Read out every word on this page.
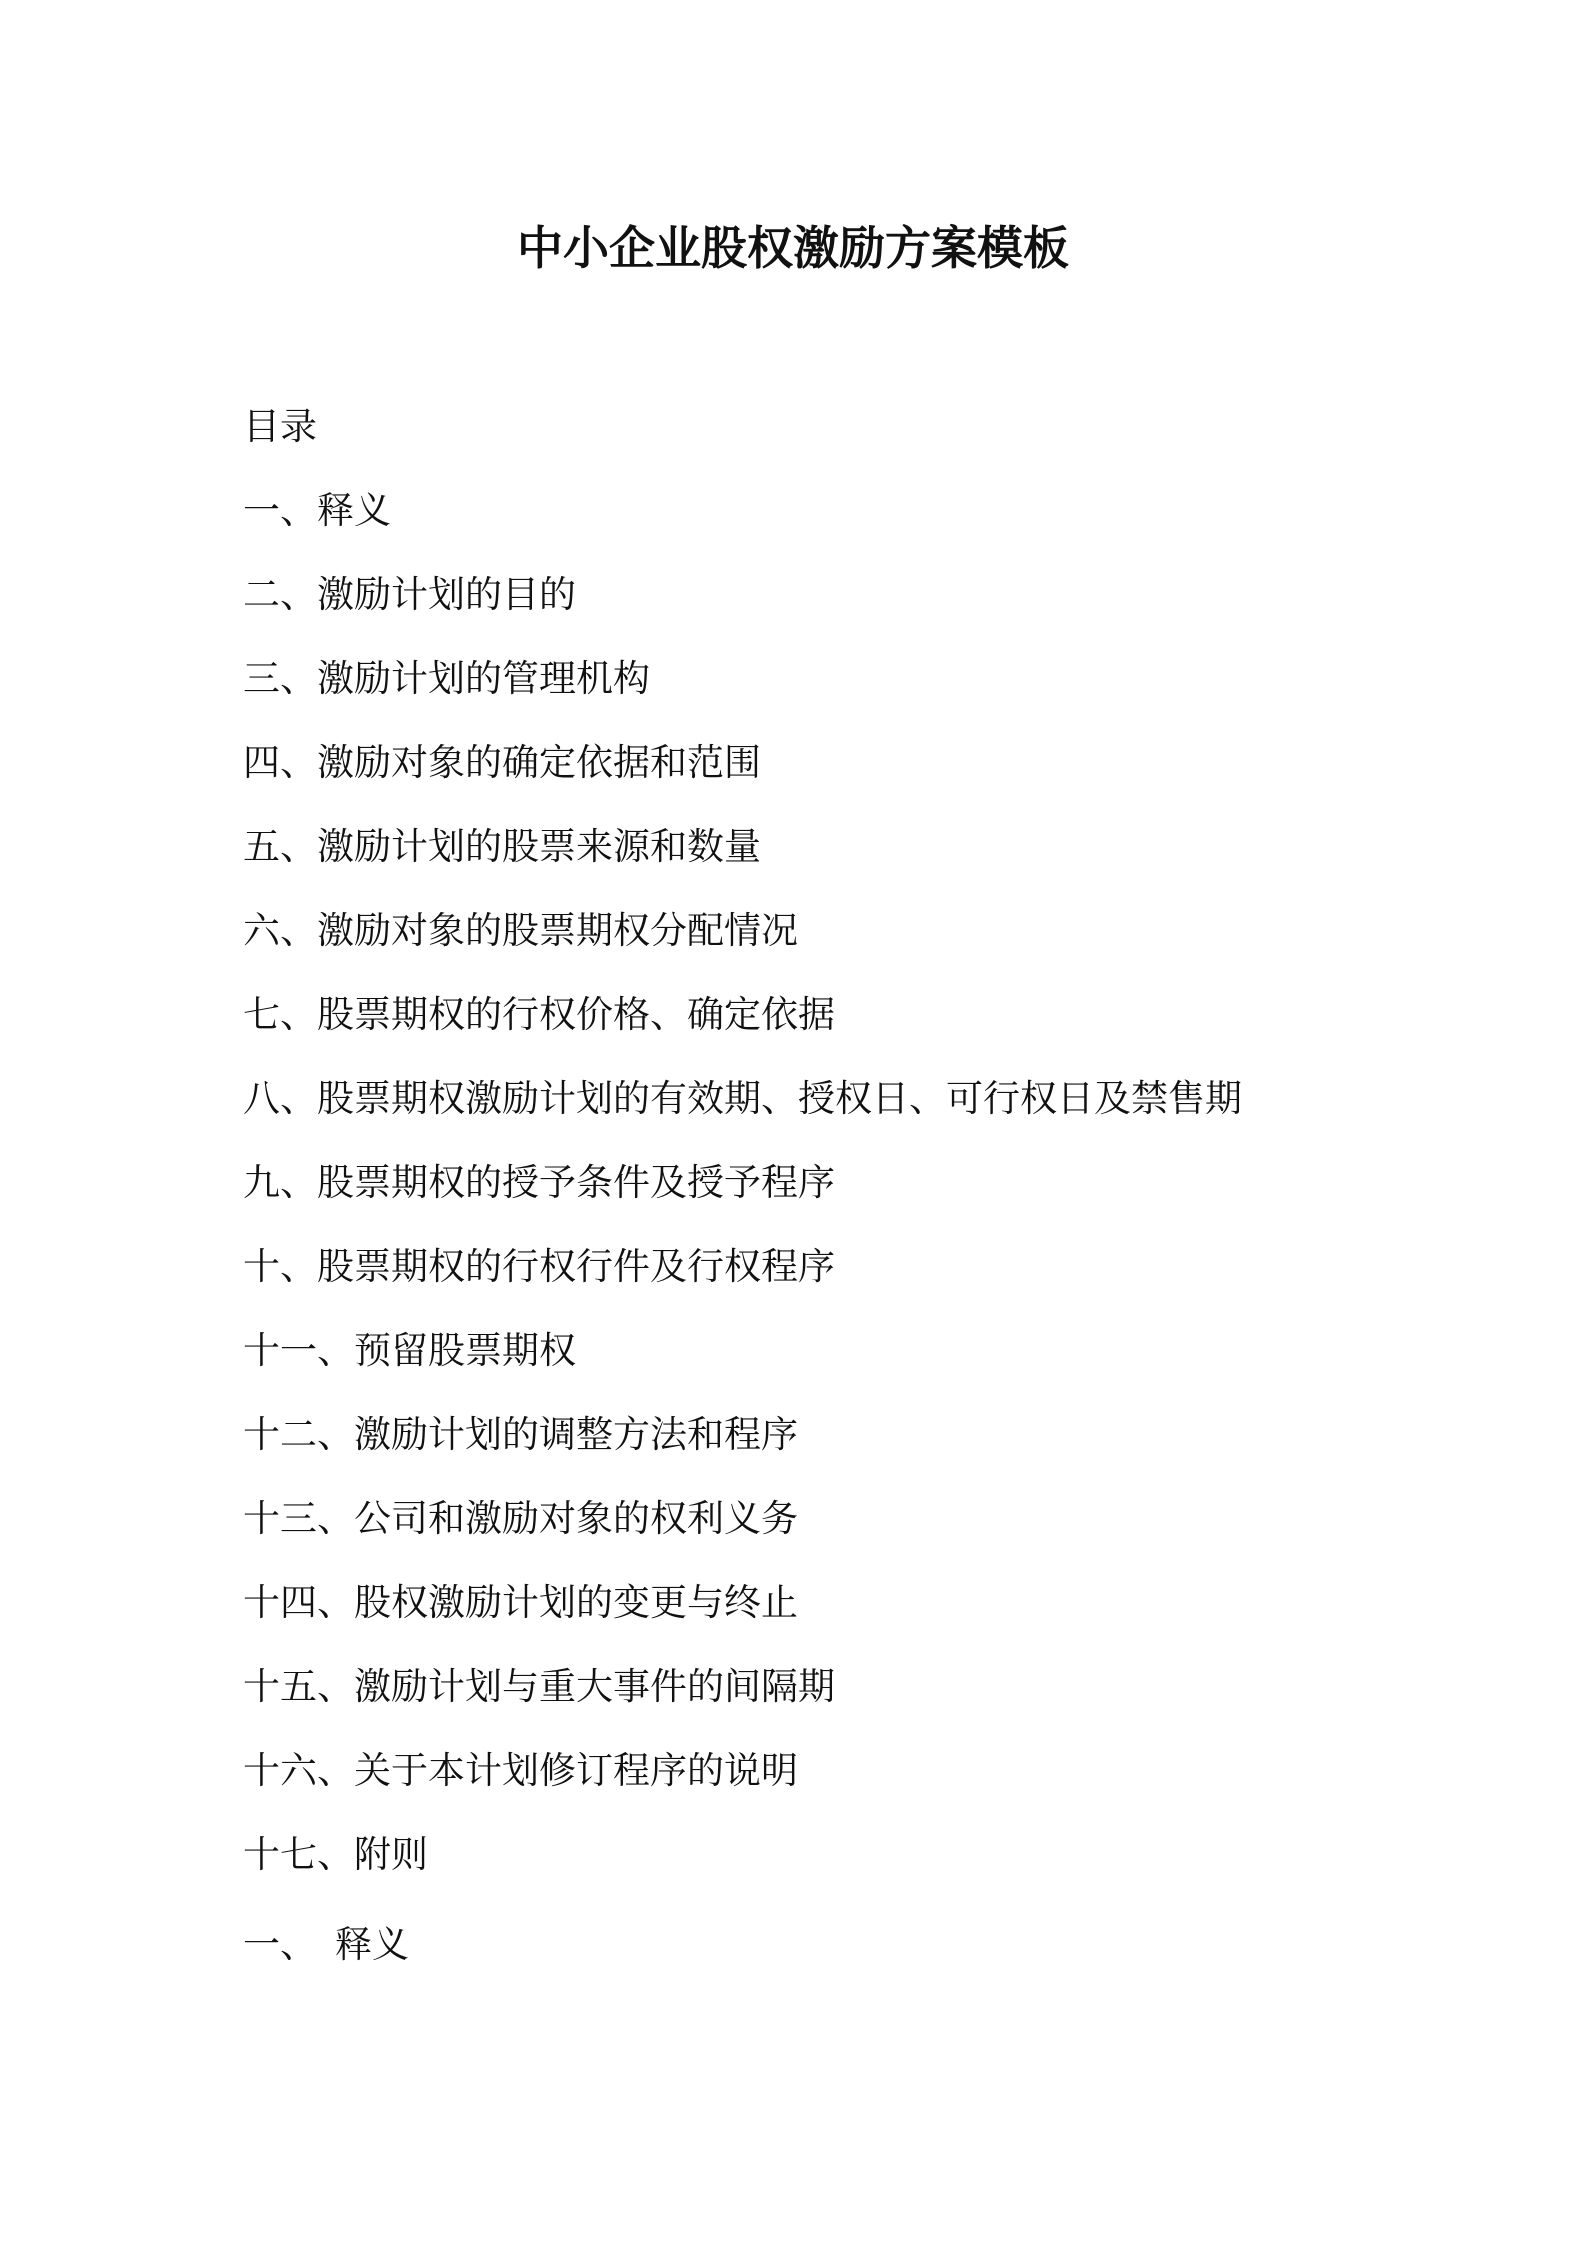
中小企业股权激励方案模板
目录
一、释义
二、激励计划的目的
三、激励计划的管理机构
四、激励对象的确定依据和范围
五、激励计划的股票来源和数量
六、激励对象的股票期权分配情况
七、股票期权的行权价格、确定依据
八、股票期权激励计划的有效期、授权日、可行权日及禁售期
九、股票期权的授予条件及授予程序
十、股票期权的行权行件及行权程序
十一、预留股票期权
十二、激励计划的调整方法和程序
十三、公司和激励对象的权利义务
十四、股权激励计划的变更与终止
十五、激励计划与重大事件的间隔期
十六、关于本计划修订程序的说明
十七、附则
一、 释义
